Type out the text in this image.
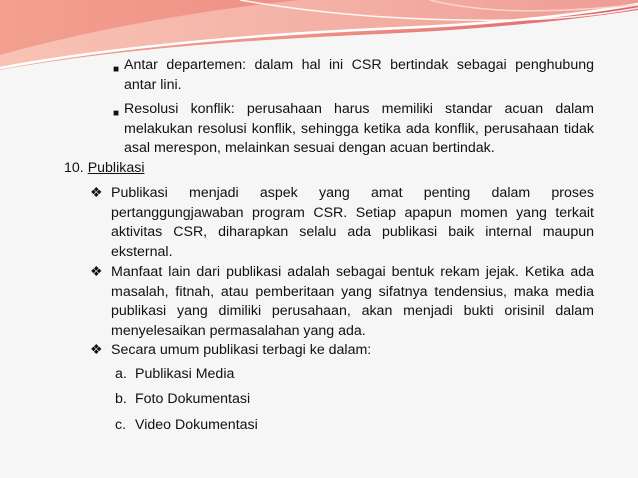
■ Antar departemen: dalam hal ini CSR bertindak sebagai penghubung antar lini.
■ Resolusi konflik: perusahaan harus memiliki standar acuan dalam melakukan resolusi konflik, sehingga ketika ada konflik, perusahaan tidak asal merespon, melainkan sesuai dengan acuan bertindak.
10. Publikasi
❖ Publikasi menjadi aspek yang amat penting dalam proses pertanggungjawaban program CSR. Setiap apapun momen yang terkait aktivitas CSR, diharapkan selalu ada publikasi baik internal maupun eksternal.
❖ Manfaat lain dari publikasi adalah sebagai bentuk rekam jejak. Ketika ada masalah, fitnah, atau pemberitaan yang sifatnya tendensius, maka media publikasi yang dimiliki perusahaan, akan menjadi bukti orisinil dalam menyelesaikan permasalahan yang ada.
❖ Secara umum publikasi terbagi ke dalam:
a. Publikasi Media
b. Foto Dokumentasi
c. Video Dokumentasi
